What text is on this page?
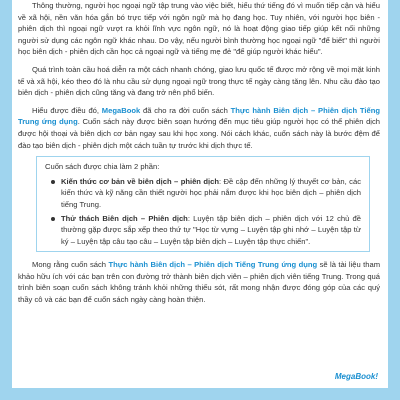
Thông thường, người học ngoại ngữ tập trung vào việc biết, hiểu thứ tiếng đó vì muốn tiếp cận và hiểu về xã hội, nền văn hóa gắn bó trực tiếp với ngôn ngữ mà họ đang học. Tuy nhiên, với người học biên - phiên dịch thì ngoại ngữ vượt ra khỏi lĩnh vực ngôn ngữ, nó là hoạt động giao tiếp giúp kết nối những người sử dụng các ngôn ngữ khác nhau. Do vậy, nếu người bình thường học ngoại ngữ "để biết" thì người học biên dịch - phiên dịch cần học cả ngoại ngữ và tiếng mẹ đẻ "để giúp người khác hiểu".

Quá trình toàn cầu hoá diễn ra một cách nhanh chóng, giao lưu quốc tế được mở rộng về mọi mặt kinh tế và xã hội, kéo theo đó là nhu cầu sử dụng ngoại ngữ trong thực tế ngày càng tăng lên. Nhu cầu đào tạo biên dịch - phiên dịch cũng tăng và đang trở nên phổ biến.

Hiểu được điều đó, MegaBook đã cho ra đời cuốn sách Thực hành Biên dịch – Phiên dịch Tiếng Trung ứng dụng. Cuốn sách này được biên soạn hướng đến mục tiêu giúp người học có thể phiên dịch được hội thoại và biên dịch cơ bản ngay sau khi học xong. Nói cách khác, cuốn sách này là bước đệm để đào tạo biên dịch - phiên dịch một cách tuần tự trước khi dịch thực tế.

Cuốn sách được chia làm 2 phần:

Kiến thức cơ bản về biên dịch – phiên dịch: Đề cập đến những lý thuyết cơ bản, các kiến thức và kỹ năng cần thiết người học phải nắm được khi học biên dịch – phiên dịch tiếng Trung.
Thử thách Biên dịch – Phiên dịch: Luyện tập biên dịch – phiên dịch với 12 chủ đề thường gặp được sắp xếp theo thứ tự "Học từ vựng – Luyện tập ghi nhớ – Luyện tập từ ký – Luyện tập câu tạo câu – Luyện tập biên dịch – Luyện tập thực chiến".

Mong rằng cuốn sách Thực hành Biên dịch – Phiên dịch Tiếng Trung ứng dụng sẽ là tài liệu tham khảo hữu ích với các bạn trên con đường trở thành biên dịch viên – phiên dịch viên tiếng Trung. Trong quá trình biên soạn cuốn sách không tránh khỏi những thiếu sót, rất mong nhận được đóng góp của các quý thầy cô và các bạn để cuốn sách ngày càng hoàn thiện.

MegaBook!
